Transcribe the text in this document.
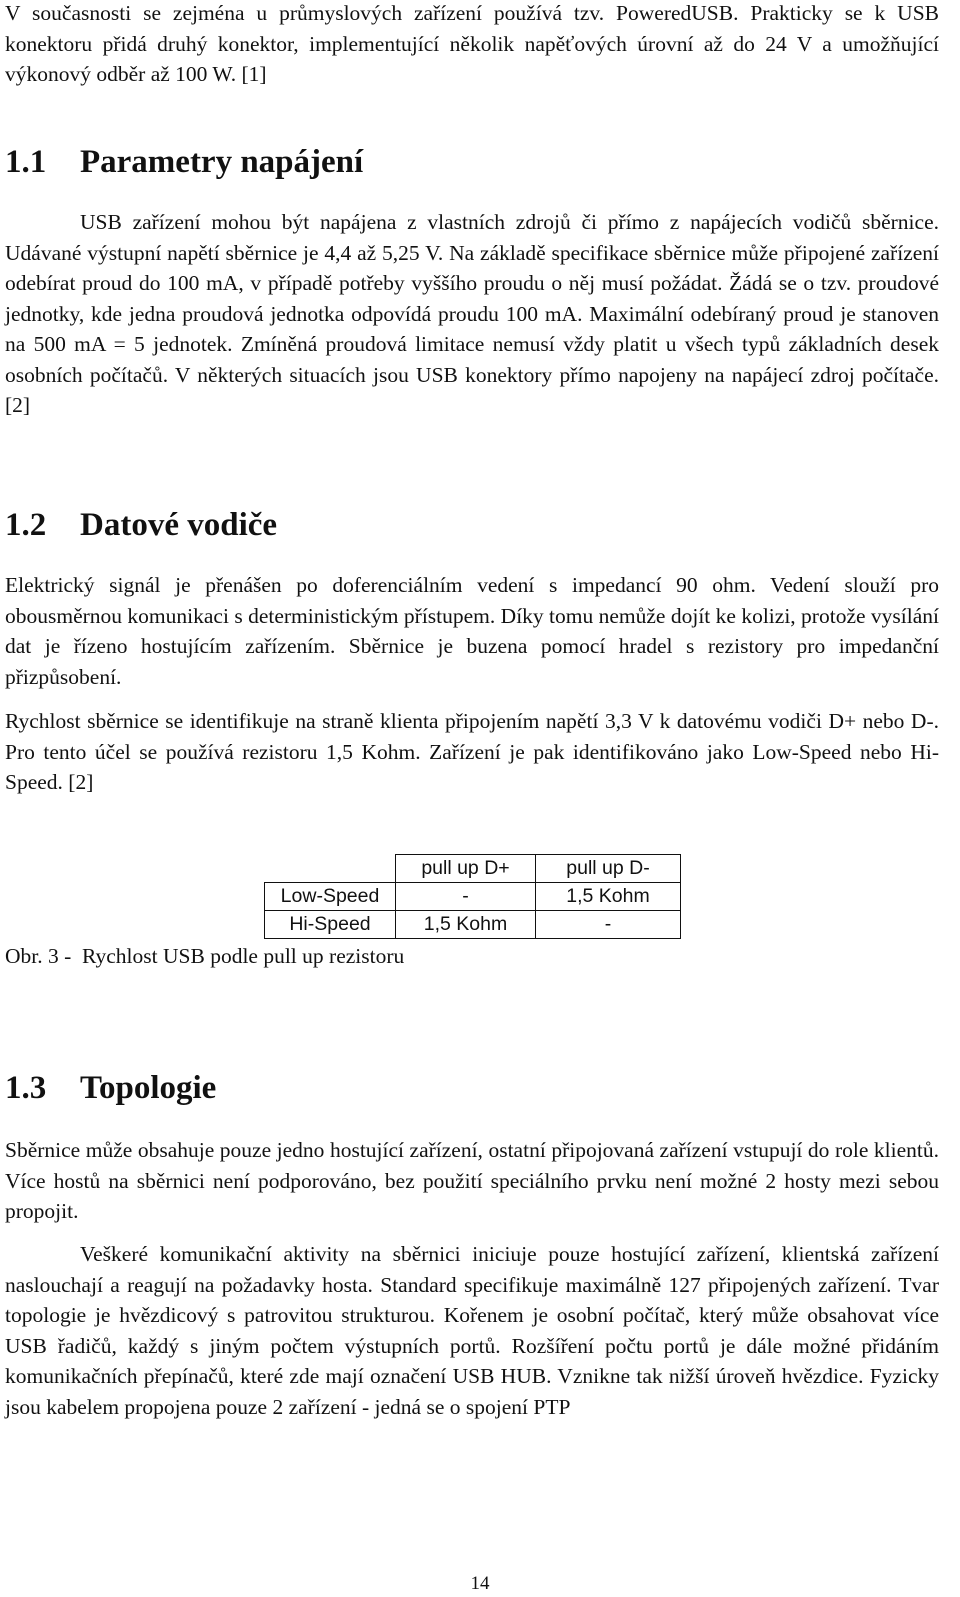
V současnosti se zejména u průmyslových zařízení používá tzv. PoweredUSB. Prakticky se k USB konektoru přidá druhý konektor, implementující několik napěťových úrovní až do 24 V a umožňující výkonový odběr až 100 W. [1]

1.1 Parametry napájení

USB zařízení mohou být napájena z vlastních zdrojů či přímo z napájecích vodičů sběrnice. Udávané výstupní napětí sběrnice je 4,4 až 5,25 V. Na základě specifikace sběrnice může připojené zařízení odebírat proud do 100 mA, v případě potřeby vyššího proudu o něj musí požádat. Žádá se o tzv. proudové jednotky, kde jedna proudová jednotka odpovídá proudu 100 mA. Maximální odebíraný proud je stanoven na 500 mA = 5 jednotek. Zmíněná proudová limitace nemusí vždy platit u všech typů základních desek osobních počítačů. V některých situacích jsou USB konektory přímo napojeny na napájecí zdroj počítače.[2]

1.2 Datové vodiče

Elektrický signál je přenášen po doferenciálním vedení s impedancí 90 ohm. Vedení slouží pro obousměrnou komunikaci s deterministickým přístupem. Díky tomu nemůže dojít ke kolizi, protože vysílání dat je řízeno hostujícím zařízením. Sběrnice je buzena pomocí hradel s rezistory pro impedanční přizpůsobení.

Rychlost sběrnice se identifikuje na straně klienta připojením napětí 3,3 V k datovému vodiči D+ nebo D-. Pro tento účel se používá rezistoru 1,5 Kohm. Zařízení je pak identifikováno jako Low-Speed nebo Hi-Speed. [2]

	pull up D+	pull up D-
Low-Speed	-	1,5 Kohm
Hi-Speed	1,5 Kohm	-

Obr. 3 -  Rychlost USB podle pull up rezistoru

1.3 Topologie

Sběrnice může obsahuje pouze jedno hostující zařízení, ostatní připojovaná zařízení vstupují do role klientů. Více hostů na sběrnici není podporováno, bez použití speciálního prvku není možné 2 hosty mezi sebou propojit.

Veškeré komunikační aktivity na sběrnici iniciuje pouze hostující zařízení, klientská zařízení naslouchají a reagují na požadavky hosta. Standard specifikuje maximálně 127 připojených zařízení. Tvar topologie je hvězdicový s patrovitou strukturou. Kořenem je osobní počítač, který může obsahovat více USB řadičů, každý s jiným počtem výstupních portů. Rozšíření počtu portů je dále možné přidáním komunikačních přepínačů, které zde mají označení USB HUB. Vznikne tak nižší úroveň hvězdice. Fyzicky jsou kabelem propojena pouze 2 zařízení - jedná se o spojení PTP

14
